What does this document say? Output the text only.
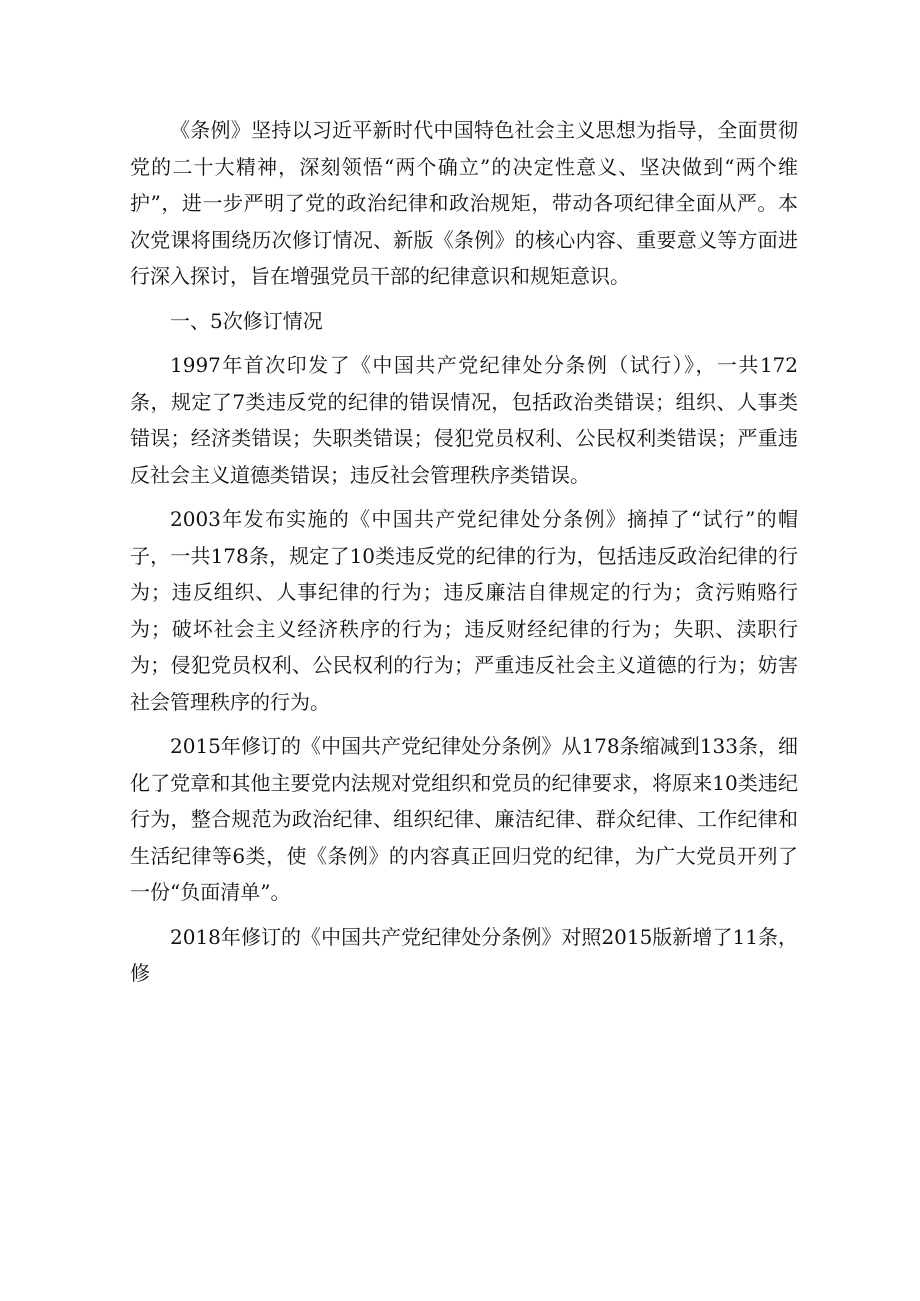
《条例》坚持以习近平新时代中国特色社会主义思想为指导，全面贯彻党的二十大精神，深刻领悟“两个确立”的决定性意义、坚决做到“两个维护”，进一步严明了党的政治纪律和政治规矩，带动各项纪律全面从严。本次党课将围绕历次修订情况、新版《条例》的核心内容、重要意义等方面进行深入探讨，旨在增强党员干部的纪律意识和规矩意识。

一、5次修订情况

1997年首次印发了《中国共产党纪律处分条例（试行）》，一共172条，规定了7类违反党的纪律的错误情况，包括政治类错误；组织、人事类错误；经济类错误；失职类错误；侵犯党员权利、公民权利类错误；严重违反社会主义道德类错误；违反社会管理秩序类错误。

2003年发布实施的《中国共产党纪律处分条例》摘掉了“试行”的帽子，一共178条，规定了10类违反党的纪律的行为，包括违反政治纪律的行为；违反组织、人事纪律的行为；违反廉洁自律规定的行为；贪污贿赂行为；破坏社会主义经济秩序的行为；违反财经纪律的行为；失职、渎职行为；侵犯党员权利、公民权利的行为；严重违反社会主义道德的行为；妨害社会管理秩序的行为。

2015年修订的《中国共产党纪律处分条例》从178条缩减到133条，细化了党章和其他主要党内法规对党组织和党员的纪律要求，将原来10类违纪行为，整合规范为政治纪律、组织纪律、廉洁纪律、群众纪律、工作纪律和生活纪律等6类，使《条例》的内容真正回归党的纪律，为广大党员开列了一份“负面清单”。

2018年修订的《中国共产党纪律处分条例》对照2015版新增了11条，修
